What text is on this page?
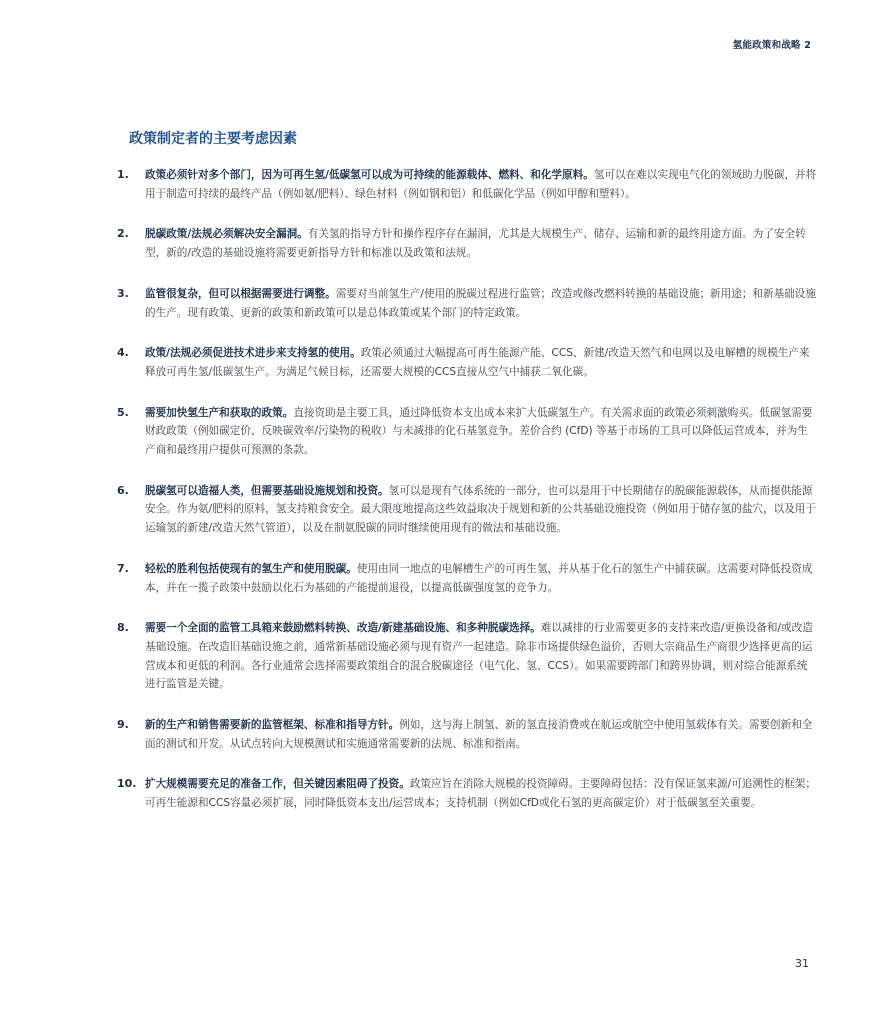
氢能政策和战略 2
政策制定者的主要考虑因素
1. 政策必须针对多个部门，因为可再生氢/低碳氢可以成为可持续的能源载体、燃料、和化学原料。氢可以在难以实现电气化的领域助力脱碳，并将用于制造可持续的最终产品（例如氨/肥料）、绿色材料（例如钢和铝）和低碳化学品（例如甲醇和塑料）。
2. 脱碳政策/法规必须解决安全漏洞。有关氢的指导方针和操作程序存在漏洞，尤其是大规模生产、储存、运输和新的最终用途方面。为了安全转型，新的/改造的基础设施将需要更新指导方针和标准以及政策和法规。
3. 监管很复杂，但可以根据需要进行调整。需要对当前氢生产/使用的脱碳过程进行监管；改造或修改燃料转换的基础设施；新用途；和新基础设施的生产。现有政策、更新的政策和新政策可以是总体政策或某个部门的特定政策。
4. 政策/法规必须促进技术进步来支持氢的使用。政策必须通过大幅提高可再生能源产能、CCS、新建/改造天然气和电网以及电解槽的规模生产来释放可再生氢/低碳氢生产。为满足气候目标，还需要大规模的CCS直接从空气中捕获二氧化碳。
5. 需要加快氢生产和获取的政策。直接资助是主要工具，通过降低资本支出成本来扩大低碳氢生产。有关需求面的政策必须刺激购买。低碳氢需要财政政策（例如碳定价、反映碳效率/污染物的税收）与未减排的化石基氢竞争。差价合约 (CfD) 等基于市场的工具可以降低运营成本，并为生产商和最终用户提供可预测的条款。
6. 脱碳氢可以造福人类，但需要基础设施规划和投资。氢可以是现有气体系统的一部分，也可以是用于中长期储存的脱碳能源载体，从而提供能源安全。作为氨/肥料的原料，氢支持粮食安全。最大限度地提高这些效益取决于规划和新的公共基础设施投资（例如用于储存氢的盐穴，以及用于运输氢的新建/改造天然气管道），以及在制氨脱碳的同时继续使用现有的做法和基础设施。
7. 轻松的胜利包括使现有的氢生产和使用脱碳。使用由同一地点的电解槽生产的可再生氢，并从基于化石的氢生产中捕获碳。这需要对降低投资成本，并在一揽子政策中鼓励以化石为基础的产能提前退役，以提高低碳强度氢的竞争力。
8. 需要一个全面的监管工具箱来鼓励燃料转换、改造/新建基础设施、和多种脱碳选择。难以减排的行业需要更多的支持来改造/更换设备和/或改造基础设施。在改造旧基础设施之前，通常新基础设施必须与现有资产一起建造。除非市场提供绿色溢价，否则大宗商品生产商很少选择更高的运营成本和更低的利润。各行业通常会选择需要政策组合的混合脱碳途径（电气化、氢、CCS）。如果需要跨部门和跨界协调，则对综合能源系统进行监管是关键。
9. 新的生产和销售需要新的监管框架、标准和指导方针。例如，这与海上制氢、新的氢直接消费或在航运或航空中使用氢载体有关。需要创新和全面的测试和开发。从试点转向大规模测试和实施通常需要新的法规、标准和指南。
10. 扩大规模需要充足的准备工作，但关键因素阻碍了投资。政策应旨在消除大规模的投资障碍。主要障碍包括：没有保证氢来源/可追溯性的框架；可再生能源和CCS容量必须扩展，同时降低资本支出/运营成本；支持机制（例如CfD或化石氢的更高碳定价）对于低碳氢至关重要。
31
